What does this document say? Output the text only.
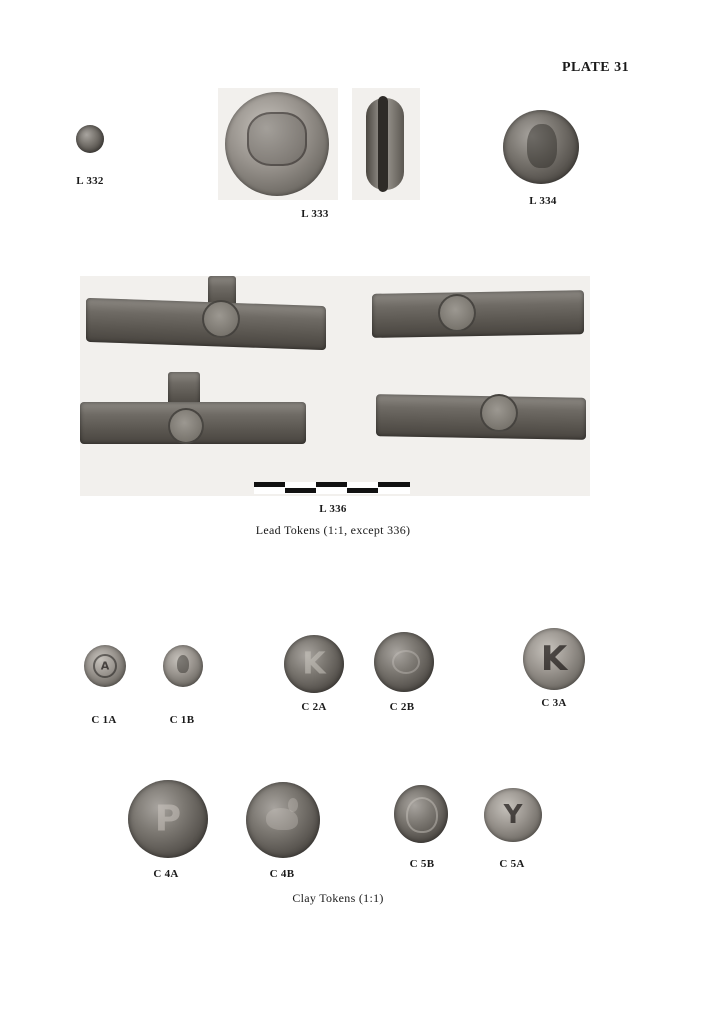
PLATE 31
L 332
L 333
L 334
L 336
Lead Tokens (1:1, except 336)
A
C 1A	C 1B
K
C 2A	C 2B
K
C 3A
P
C 4A	C 4B
C 5B
Y
C 5A
Clay Tokens (1:1)
